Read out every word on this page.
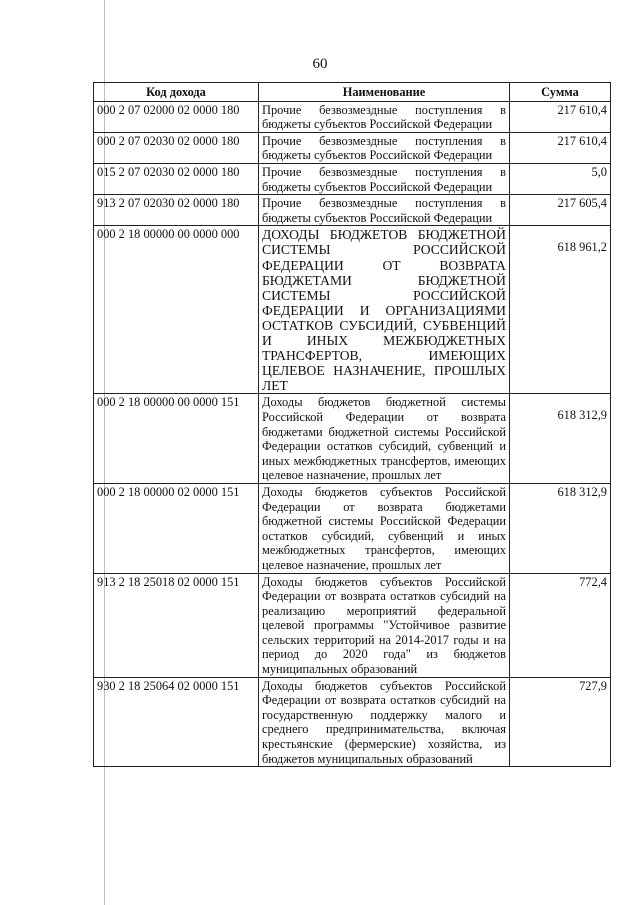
60
Код дохода	Наименование	Сумма
000 2 07 02000 02 0000 180	Прочие безвозмездные поступления в бюджеты субъектов Российской Федерации	217 610,4
000 2 07 02030 02 0000 180	Прочие безвозмездные поступления в бюджеты субъектов Российской Федерации	217 610,4
015 2 07 02030 02 0000 180	Прочие безвозмездные поступления в бюджеты субъектов Российской Федерации	5,0
913 2 07 02030 02 0000 180	Прочие безвозмездные поступления в бюджеты субъектов Российской Федерации	217 605,4
000 2 18 00000 00 0000 000	ДОХОДЫ БЮДЖЕТОВ БЮДЖЕТНОЙ СИСТЕМЫ РОССИЙСКОЙ ФЕДЕРАЦИИ ОТ ВОЗВРАТА БЮДЖЕТАМИ БЮДЖЕТНОЙ СИСТЕМЫ РОССИЙСКОЙ ФЕДЕРАЦИИ И ОРГАНИЗАЦИЯМИ ОСТАТКОВ СУБСИДИЙ, СУБВЕНЦИЙ И ИНЫХ МЕЖБЮДЖЕТНЫХ ТРАНСФЕРТОВ, ИМЕЮЩИХ ЦЕЛЕВОЕ НАЗНАЧЕНИЕ, ПРОШЛЫХ ЛЕТ	618 961,2
000 2 18 00000 00 0000 151	Доходы бюджетов бюджетной системы Российской Федерации от возврата бюджетами бюджетной системы Российской Федерации остатков субсидий, субвенций и иных межбюджетных трансфертов, имеющих целевое назначение, прошлых лет	618 312,9
000 2 18 00000 02 0000 151	Доходы бюджетов субъектов Российской Федерации от возврата бюджетами бюджетной системы Российской Федерации остатков субсидий, субвенций и иных межбюджетных трансфертов, имеющих целевое назначение, прошлых лет	618 312,9
913 2 18 25018 02 0000 151	Доходы бюджетов субъектов Российской Федерации от возврата остатков субсидий на реализацию мероприятий федеральной целевой программы "Устойчивое развитие сельских территорий на 2014-2017 годы и на период до 2020 года" из бюджетов муниципальных образований	772,4
930 2 18 25064 02 0000 151	Доходы бюджетов субъектов Российской Федерации от возврата остатков субсидий на государственную поддержку малого и среднего предпринимательства, включая крестьянские (фермерские) хозяйства, из бюджетов муниципальных образований	727,9
